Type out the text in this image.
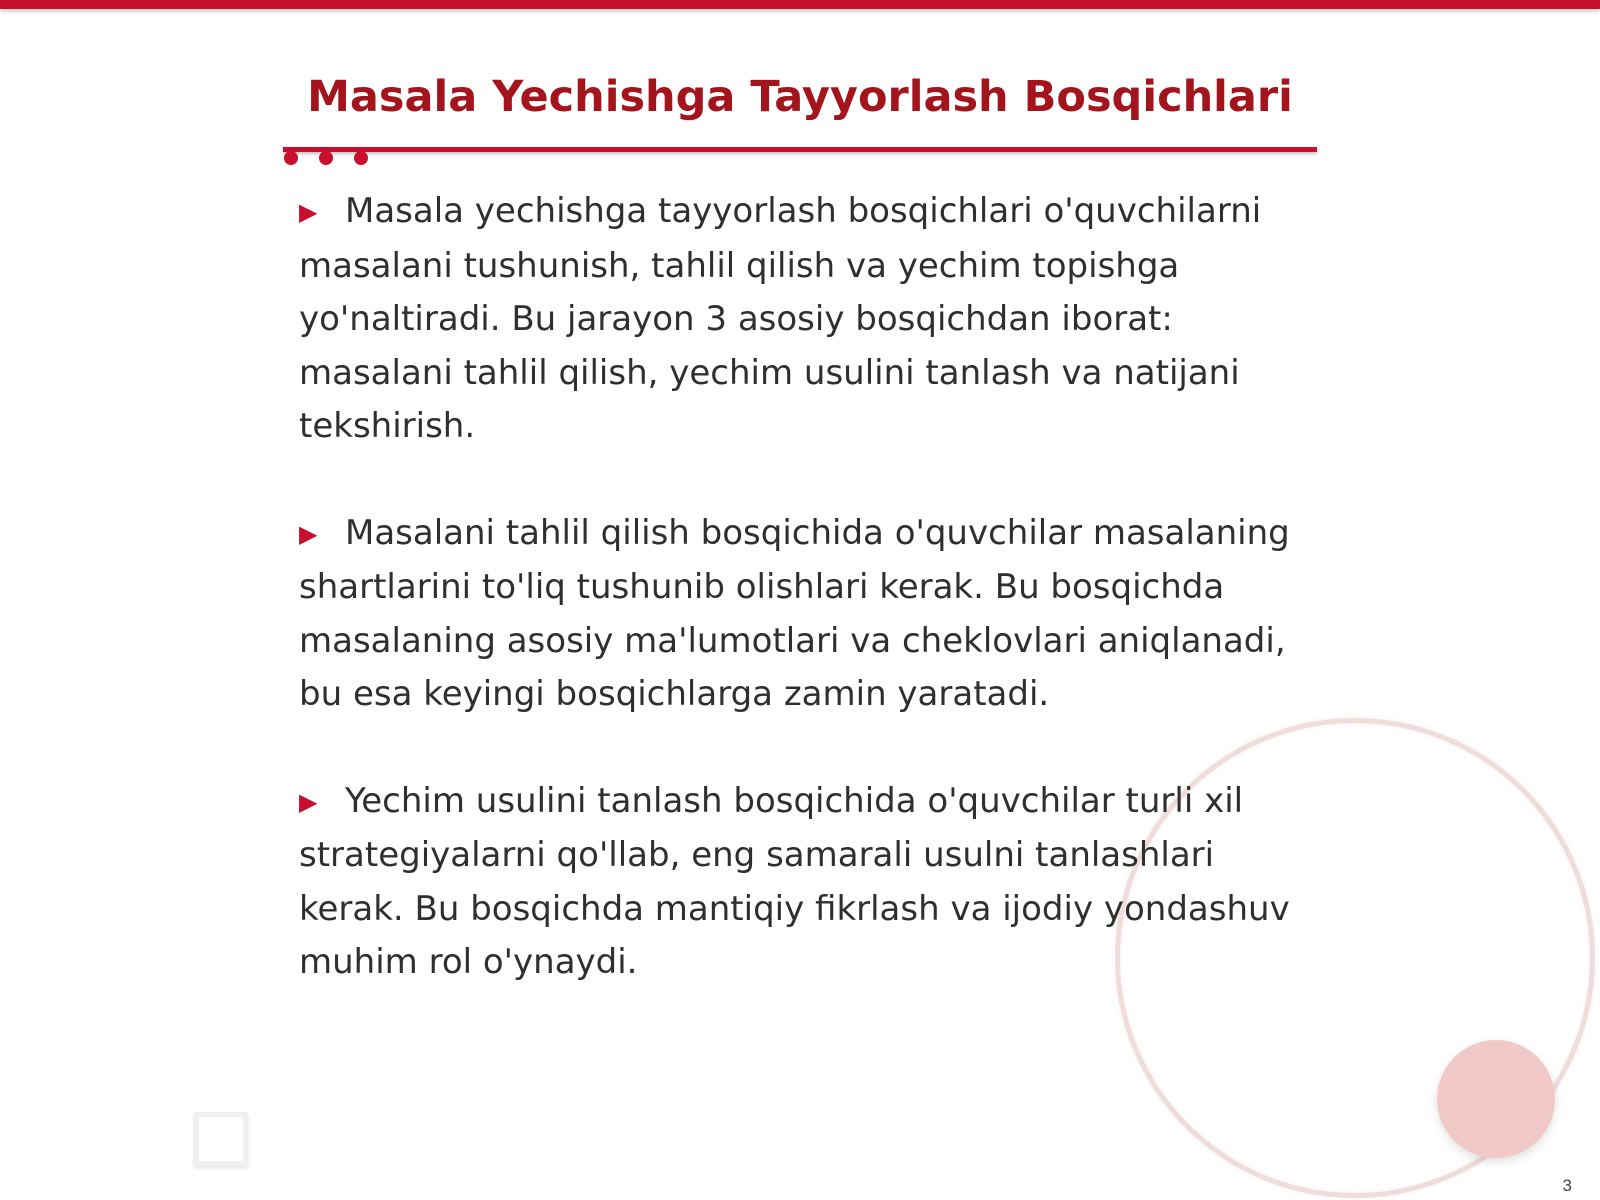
Masala Yechishga Tayyorlash Bosqichlari

▶ Masala yechishga tayyorlash bosqichlari o'quvchilarni masalani tushunish, tahlil qilish va yechim topishga yo'naltiradi. Bu jarayon 3 asosiy bosqichdan iborat: masalani tahlil qilish, yechim usulini tanlash va natijani tekshirish.

▶ Masalani tahlil qilish bosqichida o'quvchilar masalaning shartlarini to'liq tushunib olishlari kerak. Bu bosqichda masalaning asosiy ma'lumotlari va cheklovlari aniqlanadi, bu esa keyingi bosqichlarga zamin yaratadi.

▶ Yechim usulini tanlash bosqichida o'quvchilar turli xil strategiyalarni qo'llab, eng samarali usulni tanlashlari kerak. Bu bosqichda mantiqiy fikrlash va ijodiy yondashuv muhim rol o'ynaydi.

3
